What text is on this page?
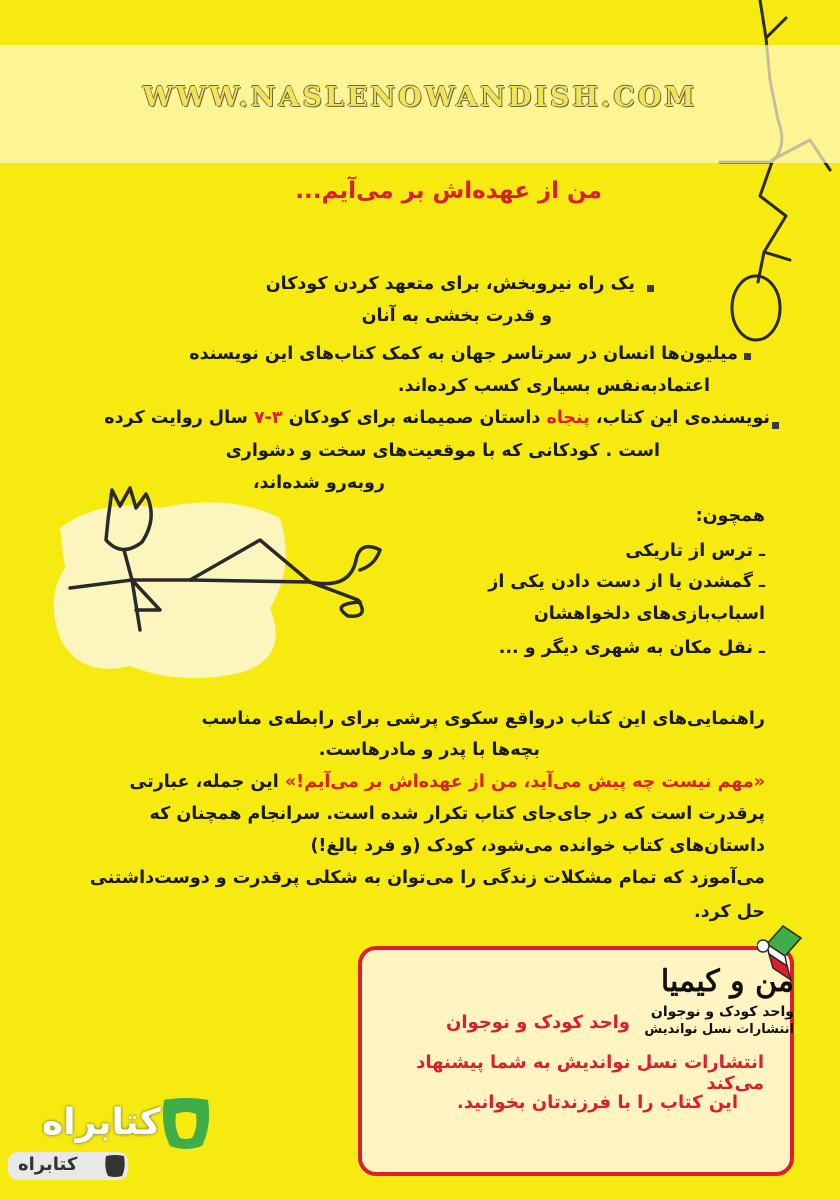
WWW.NASLENOWANDISH.COM
من از عهده‌اش بر می‌آیم...
یک راه نیروبخش، برای متعهد کردن کودکان
و قدرت بخشی به آنان
میلیون‌ها انسان در سرتاسر جهان به کمک کتاب‌های این نویسنده
اعتمادبه‌نفس بسیاری کسب کرده‌اند.
نویسنده‌ی این کتاب، پنجاه داستان صمیمانه برای کودکان ۳-۷ سال روایت کرده
است . کودکانی که با موقعیت‌های سخت و دشواری
روبه‌رو شده‌اند،
همچون:
ـ ترس از تاریکی
ـ گمشدن یا از دست دادن یکی از
اسباب‌بازی‌های دلخواهشان
ـ نقل مکان به شهری دیگر و ...
راهنمایی‌های این کتاب درواقع سکوی پرشی برای رابطه‌ی مناسب
بچه‌ها با پدر و مادرهاست.
«مهم نیست چه پیش می‌آید، من از عهده‌اش بر می‌آیم!» این جمله، عبارتی
پرقدرت است که در جای‌جای کتاب تکرار شده است. سرانجام همچنان که
داستان‌های کتاب خوانده می‌شود، کودک (و فرد بالغ!)
می‌آموزد که تمام مشکلات زندگی را می‌توان به شکلی پرقدرت و دوست‌داشتنی
حل کرد.
من و کیمیا
واحد کودک و نوجوان
انتشارات نسل نواندیش
واحد کودک و نوجوان
انتشارات نسل نواندیش به شما پیشنهاد می‌کند
این کتاب را با فرزندتان بخوانید.
کتابراه
کتابراه
